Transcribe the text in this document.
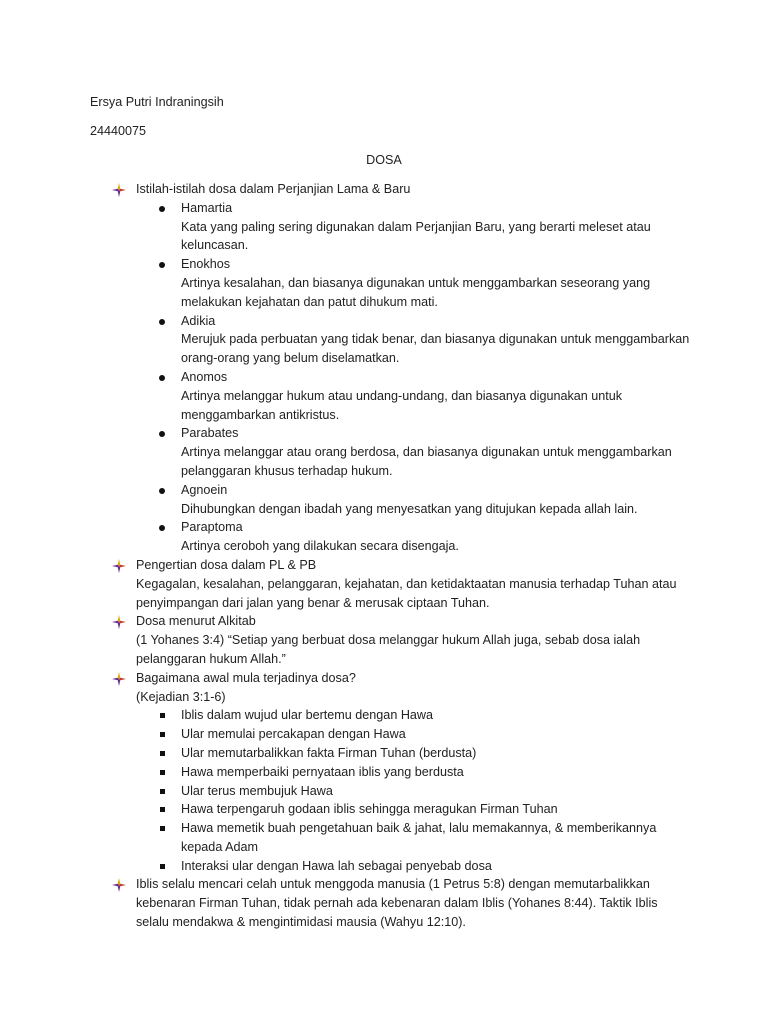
Ersya Putri Indraningsih
24440075
DOSA
Istilah-istilah dosa dalam Perjanjian Lama & Baru
Hamartia
Kata yang paling sering digunakan dalam Perjanjian Baru, yang berarti meleset atau keluncasan.
Enokhos
Artinya kesalahan, dan biasanya digunakan untuk menggambarkan seseorang yang melakukan kejahatan dan patut dihukum mati.
Adikia
Merujuk pada perbuatan yang tidak benar, dan biasanya digunakan untuk menggambarkan orang-orang yang belum diselamatkan.
Anomos
Artinya melanggar hukum atau undang-undang, dan biasanya digunakan untuk menggambarkan antikristus.
Parabates
Artinya melanggar atau orang berdosa, dan biasanya digunakan untuk menggambarkan pelanggaran khusus terhadap hukum.
Agnoein
Dihubungkan dengan ibadah yang menyesatkan yang ditujukan kepada allah lain.
Paraptoma
Artinya ceroboh yang dilakukan secara disengaja.
Pengertian dosa dalam PL & PB
Kegagalan, kesalahan, pelanggaran, kejahatan, dan ketidaktaatan manusia terhadap Tuhan atau penyimpangan dari jalan yang benar & merusak ciptaan Tuhan.
Dosa menurut Alkitab
(1 Yohanes 3:4) “Setiap yang berbuat dosa melanggar hukum Allah juga, sebab dosa ialah pelanggaran hukum Allah.”
Bagaimana awal mula terjadinya dosa?
(Kejadian 3:1-6)
Iblis dalam wujud ular bertemu dengan Hawa
Ular memulai percakapan dengan Hawa
Ular memutarbalikkan fakta Firman Tuhan (berdusta)
Hawa memperbaiki pernyataan iblis yang berdusta
Ular terus membujuk Hawa
Hawa terpengaruh godaan iblis sehingga meragukan Firman Tuhan
Hawa memetik buah pengetahuan baik & jahat, lalu memakannya, & memberikannya kepada Adam
Interaksi ular dengan Hawa lah sebagai penyebab dosa
Iblis selalu mencari celah untuk menggoda manusia (1 Petrus 5:8) dengan memutarbalikkan kebenaran Firman Tuhan, tidak pernah ada kebenaran dalam Iblis (Yohanes 8:44). Taktik Iblis selalu mendakwa & mengintimidasi mausia (Wahyu 12:10).
